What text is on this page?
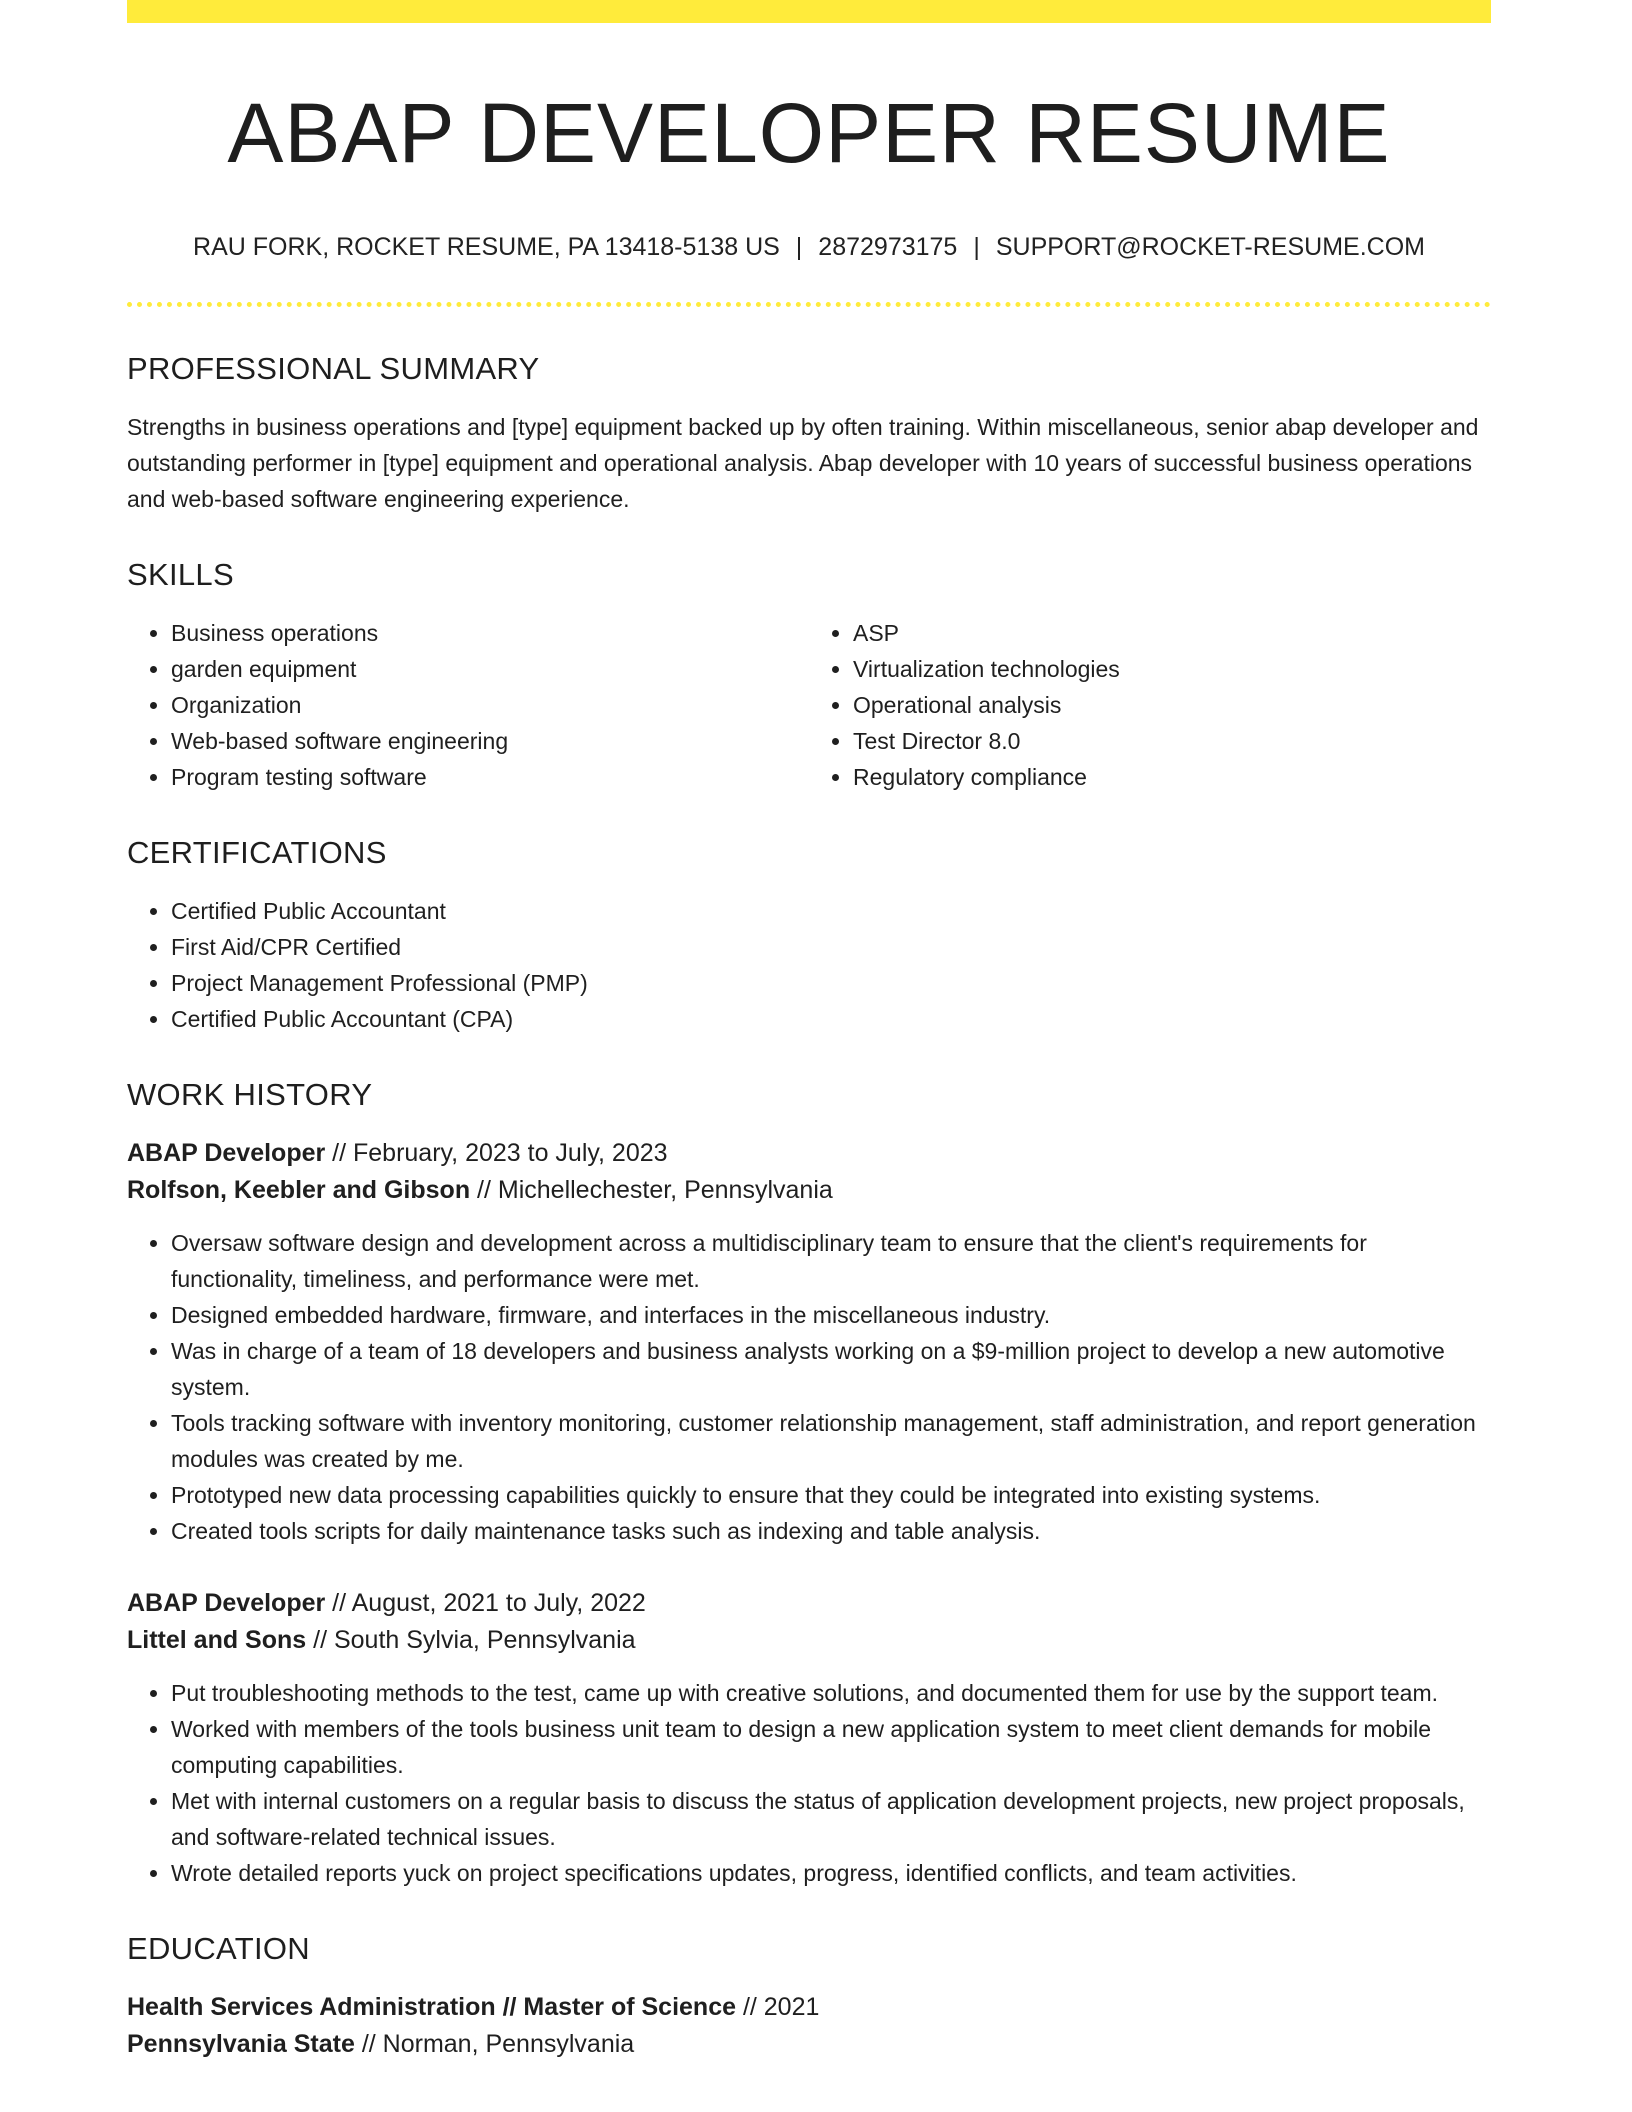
ABAP DEVELOPER RESUME
RAU FORK, ROCKET RESUME, PA 13418-5138 US | 2872973175 | SUPPORT@ROCKET-RESUME.COM
PROFESSIONAL SUMMARY

Strengths in business operations and [type] equipment backed up by often training. Within miscellaneous, senior abap developer and outstanding performer in [type] equipment and operational analysis. Abap developer with 10 years of successful business operations and web-based software engineering experience.

SKILLS
• Business operations
• garden equipment
• Organization
• Web-based software engineering
• Program testing software
• ASP
• Virtualization technologies
• Operational analysis
• Test Director 8.0
• Regulatory compliance
CERTIFICATIONS
• Certified Public Accountant
• First Aid/CPR Certified
• Project Management Professional (PMP)
• Certified Public Accountant (CPA)
WORK HISTORY
ABAP Developer // February, 2023 to July, 2023
Rolfson, Keebler and Gibson // Michellechester, Pennsylvania
• Oversaw software design and development across a multidisciplinary team to ensure that the client's requirements for functionality, timeliness, and performance were met.
• Designed embedded hardware, firmware, and interfaces in the miscellaneous industry.
• Was in charge of a team of 18 developers and business analysts working on a $9-million project to develop a new automotive system.
• Tools tracking software with inventory monitoring, customer relationship management, staff administration, and report generation modules was created by me.
• Prototyped new data processing capabilities quickly to ensure that they could be integrated into existing systems.
• Created tools scripts for daily maintenance tasks such as indexing and table analysis.
ABAP Developer // August, 2021 to July, 2022
Littel and Sons // South Sylvia, Pennsylvania
• Put troubleshooting methods to the test, came up with creative solutions, and documented them for use by the support team.
• Worked with members of the tools business unit team to design a new application system to meet client demands for mobile computing capabilities.
• Met with internal customers on a regular basis to discuss the status of application development projects, new project proposals, and software-related technical issues.
• Wrote detailed reports yuck on project specifications updates, progress, identified conflicts, and team activities.
EDUCATION
Health Services Administration // Master of Science // 2021
Pennsylvania State // Norman, Pennsylvania
